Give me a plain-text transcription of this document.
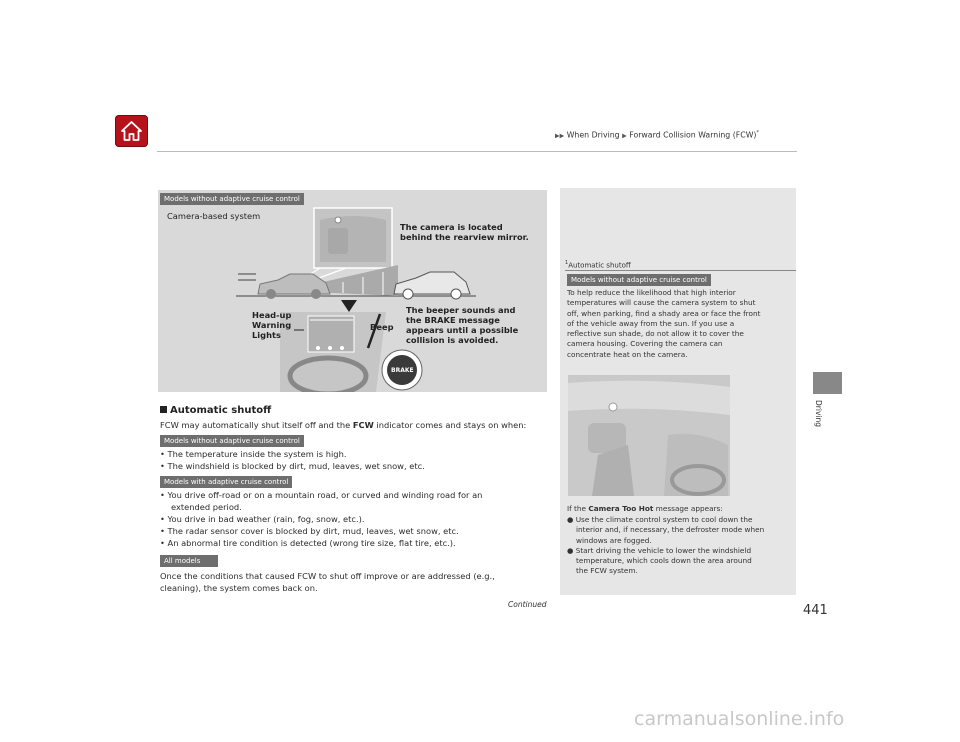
▶▶ When Driving ▶ Forward Collision Warning (FCW)*
Driving
Models without adaptive cruise control
Camera-based system
The camera is located
behind the rearview mirror.
Head-up
Warning
Lights
Beep
The beeper sounds and
the BRAKE message
appears until a possible
collision is avoided.
BRAKE
Automatic shutoff
FCW may automatically shut itself off and the FCW indicator comes and stays on when:
Models without adaptive cruise control
• The temperature inside the system is high.
• The windshield is blocked by dirt, mud, leaves, wet snow, etc.
Models with adaptive cruise control
• You drive off-road or on a mountain road, or curved and winding road for an
extended period.
• You drive in bad weather (rain, fog, snow, etc.).
• The radar sensor cover is blocked by dirt, mud, leaves, wet snow, etc.
• An abnormal tire condition is detected (wrong tire size, flat tire, etc.).
All models
Once the conditions that caused FCW to shut off improve or are addressed (e.g.,
cleaning), the system comes back on.
$^1$Automatic shutoff
Models without adaptive cruise control
To help reduce the likelihood that high interior
temperatures will cause the camera system to shut
off, when parking, find a shady area or face the front
of the vehicle away from the sun. If you use a
reflective sun shade, do not allow it to cover the
camera housing. Covering the camera can
concentrate heat on the camera.
If the Camera Too Hot message appears:
● Use the climate control system to cool down the
interior and, if necessary, the defroster mode when
windows are fogged.
● Start driving the vehicle to lower the windshield
temperature, which cools down the area around
the FCW system.
Continued	441
carmanualsonline.info
